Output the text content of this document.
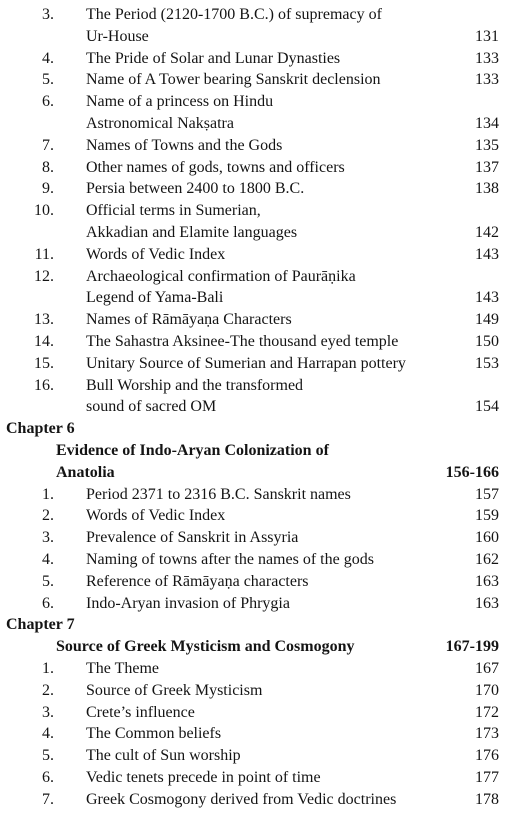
3. The Period (2120-1700 B.C.) of supremacy of
Ur-House	131
4. The Pride of Solar and Lunar Dynasties	133
5. Name of A Tower bearing Sanskrit declension	133
6. Name of a princess on Hindu
Astronomical Nakṣatra	134
7. Names of Towns and the Gods	135
8. Other names of gods, towns and officers	137
9. Persia between 2400 to 1800 B.C.	138
10. Official terms in Sumerian,
Akkadian and Elamite languages	142
11. Words of Vedic Index	143
12. Archaeological confirmation of Paurāṇika
Legend of Yama-Bali	143
13. Names of Rāmāyaṇa Characters	149
14. The Sahastra Aksinee-The thousand eyed temple	150
15. Unitary Source of Sumerian and Harrapan pottery	153
16. Bull Worship and the transformed
sound of sacred OM	154
Chapter 6
Evidence of Indo-Aryan Colonization of
Anatolia	156-166
1. Period 2371 to 2316 B.C. Sanskrit names	157
2. Words of Vedic Index	159
3. Prevalence of Sanskrit in Assyria	160
4. Naming of towns after the names of the gods	162
5. Reference of Rāmāyaṇa characters	163
6. Indo-Aryan invasion of Phrygia	163
Chapter 7
Source of Greek Mysticism and Cosmogony	167-199
1. The Theme	167
2. Source of Greek Mysticism	170
3. Crete’s influence	172
4. The Common beliefs	173
5. The cult of Sun worship	176
6. Vedic tenets precede in point of time	177
7. Greek Cosmogony derived from Vedic doctrines	178
